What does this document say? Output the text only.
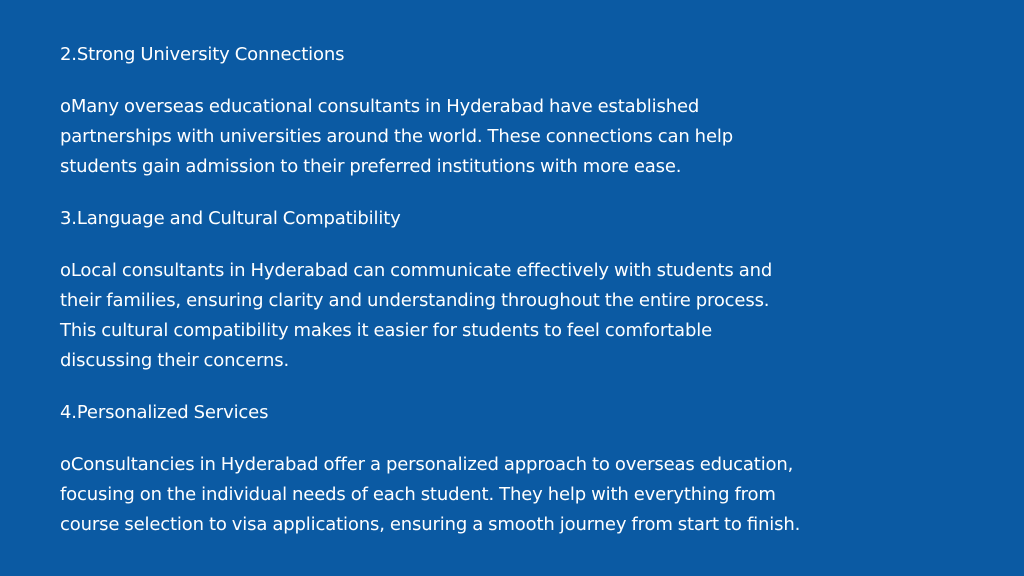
2.Strong University Connections

oMany overseas educational consultants in Hyderabad have established
partnerships with universities around the world. These connections can help
students gain admission to their preferred institutions with more ease.

3.Language and Cultural Compatibility

oLocal consultants in Hyderabad can communicate effectively with students and
their families, ensuring clarity and understanding throughout the entire process.
This cultural compatibility makes it easier for students to feel comfortable
discussing their concerns.

4.Personalized Services

oConsultancies in Hyderabad offer a personalized approach to overseas education,
focusing on the individual needs of each student. They help with everything from
course selection to visa applications, ensuring a smooth journey from start to ﬁnish.
